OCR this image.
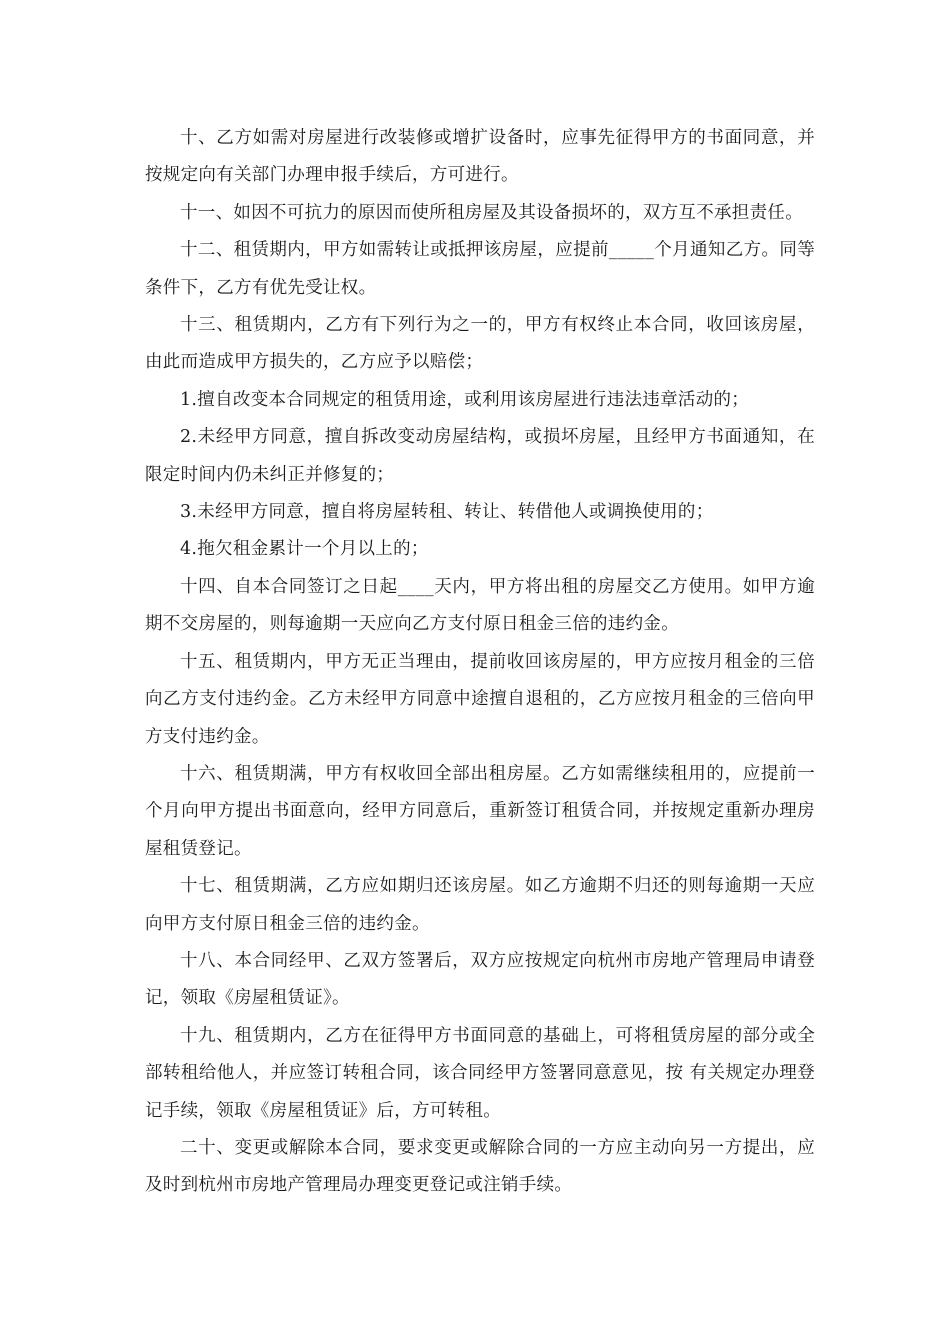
十、乙方如需对房屋进行改装修或增扩设备时，应事先征得甲方的书面同意，并按规定向有关部门办理申报手续后，方可进行。

十一、如因不可抗力的原因而使所租房屋及其设备损坏的，双方互不承担责任。

十二、租赁期内，甲方如需转让或抵押该房屋，应提前_____个月通知乙方。同等条件下，乙方有优先受让权。

十三、租赁期内，乙方有下列行为之一的，甲方有权终止本合同，收回该房屋，由此而造成甲方损失的，乙方应予以赔偿；

1.擅自改变本合同规定的租赁用途，或利用该房屋进行违法违章活动的；

2.未经甲方同意，擅自拆改变动房屋结构，或损坏房屋，且经甲方书面通知，在限定时间内仍未纠正并修复的；

3.未经甲方同意，擅自将房屋转租、转让、转借他人或调换使用的；

4.拖欠租金累计一个月以上的；

十四、自本合同签订之日起____天内，甲方将出租的房屋交乙方使用。如甲方逾期不交房屋的，则每逾期一天应向乙方支付原日租金三倍的违约金。

十五、租赁期内，甲方无正当理由，提前收回该房屋的，甲方应按月租金的三倍向乙方支付违约金。乙方未经甲方同意中途擅自退租的，乙方应按月租金的三倍向甲方支付违约金。

十六、租赁期满，甲方有权收回全部出租房屋。乙方如需继续租用的，应提前一个月向甲方提出书面意向，经甲方同意后，重新签订租赁合同，并按规定重新办理房屋租赁登记。

十七、租赁期满，乙方应如期归还该房屋。如乙方逾期不归还的则每逾期一天应向甲方支付原日租金三倍的违约金。

十八、本合同经甲、乙双方签署后，双方应按规定向杭州市房地产管理局申请登记，领取《房屋租赁证》。

十九、租赁期内，乙方在征得甲方书面同意的基础上，可将租赁房屋的部分或全部转租给他人，并应签订转租合同，该合同经甲方签署同意意见，按 有关规定办理登记手续，领取《房屋租赁证》后，方可转租。

二十、变更或解除本合同，要求变更或解除合同的一方应主动向另一方提出，应及时到杭州市房地产管理局办理变更登记或注销手续。
